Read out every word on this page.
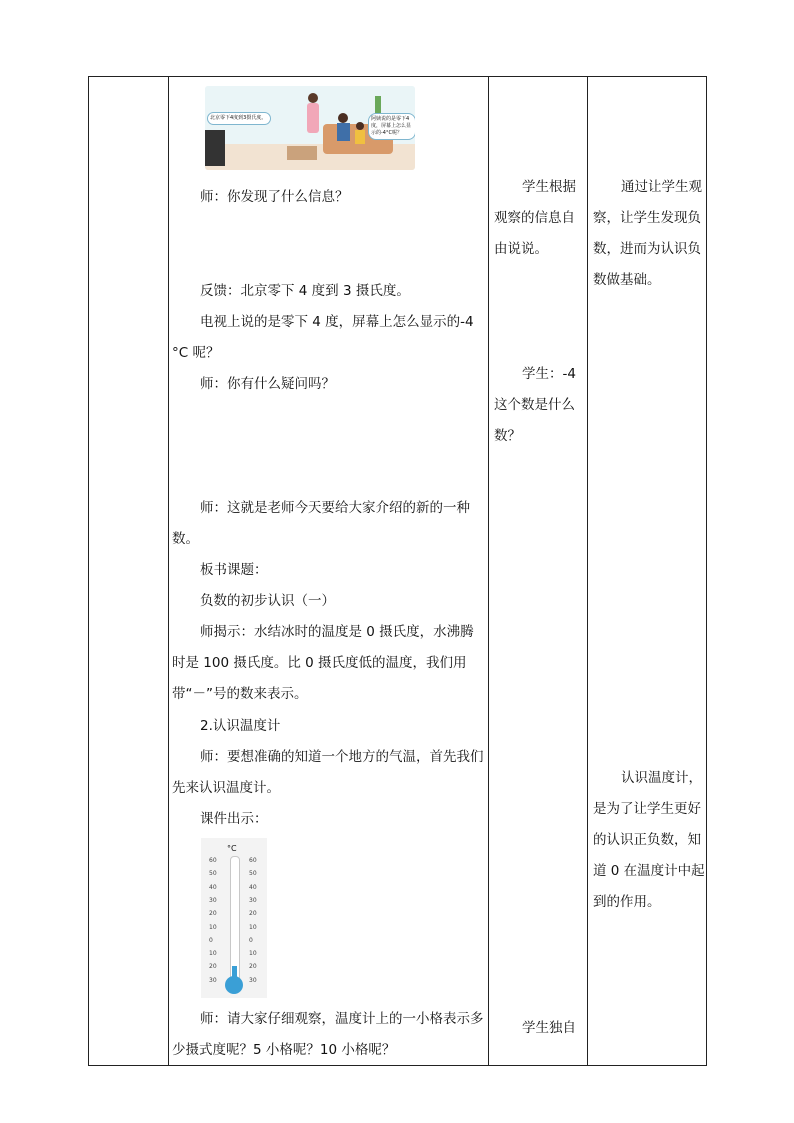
北京零下4度到3摄氏度。	阿姨说的是零下4度，屏幕上怎么显示的-4°C呢？

师：你发现了什么信息？

反馈：北京零下 4 度到 3 摄氏度。

电视上说的是零下 4 度，屏幕上怎么显示的-4 °C 呢？

师：你有什么疑问吗？

师：这就是老师今天要给大家介绍的新的一种数。

板书课题：

负数的初步认识（一）

师揭示：水结冰时的温度是 0 摄氏度，水沸腾时是 100 摄氏度。比 0 摄氏度低的温度，我们用带“－”号的数来表示。

2.认识温度计

师：要想准确的知道一个地方的气温，首先我们先来认识温度计。

课件出示：

°C
60
50
40
30
20
10
0
10
20
30
60
50
40
30
20
10
0
10
20
30

师：请大家仔细观察，温度计上的一小格表示多少摄式度呢？5 小格呢？10 小格呢？

学生根据观察的信息自由说说。

学生：-4 这个数是什么数？

学生独自

通过让学生观察，让学生发现负数，进而为认识负数做基础。

认识温度计，是为了让学生更好的认识正负数，知道 0 在温度计中起到的作用。
